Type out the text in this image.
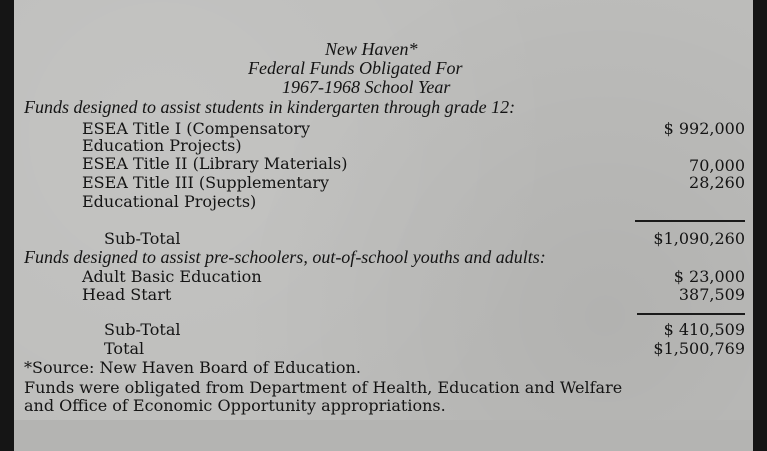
New Haven*
Federal Funds Obligated For
1967-1968 School Year
Funds designed to assist students in kindergarten through grade 12:
ESEA Title I (Compensatory	$ 992,000
Education Projects)
ESEA Title II (Library Materials)	70,000
ESEA Title III (Supplementary	28,260
Educational Projects)
Sub-Total	$1,090,260
Funds designed to assist pre-schoolers, out-of-school youths and adults:
Adult Basic Education	$ 23,000
Head Start	387,509
Sub-Total	$ 410,509
Total	$1,500,769
*Source: New Haven Board of Education.
Funds were obligated from Department of Health, Education and Welfare
and Office of Economic Opportunity appropriations.
